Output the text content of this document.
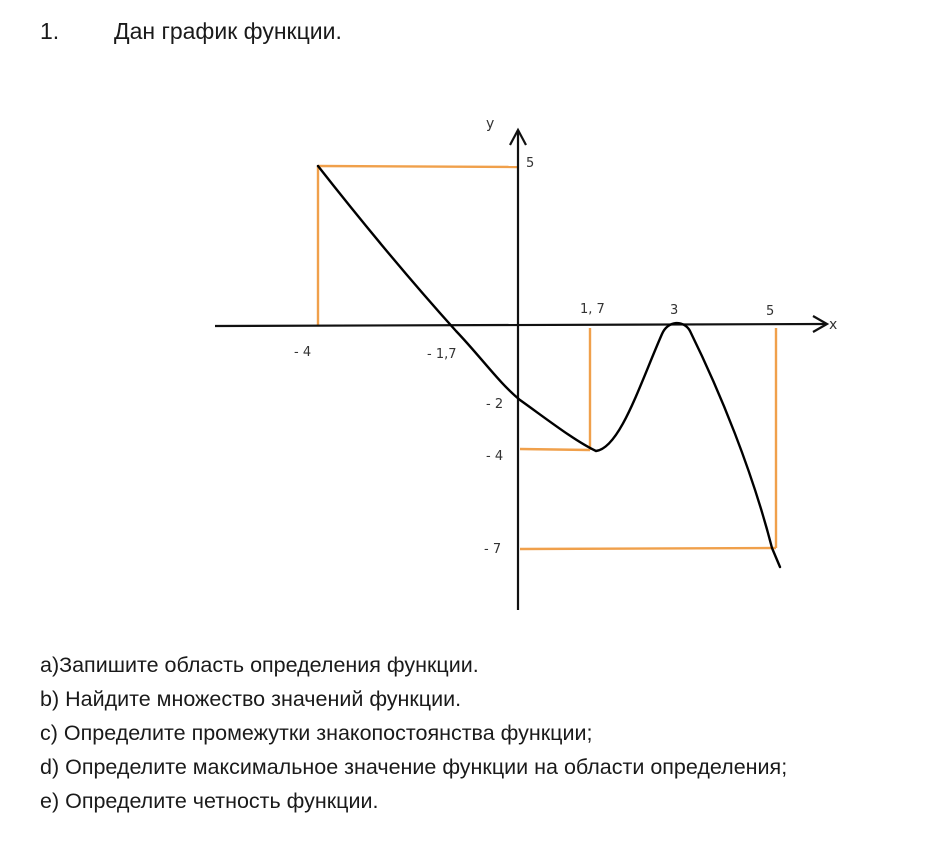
1. Дан график функции.
x
y
- 4	- 1,7
1, 7	3	5
5
- 2
- 4
- 7
a)Запишите область определения функции.
b) Найдите множество значений функции.
c) Определите промежутки знакопостоянства функции;
d) Определите максимальное значение функции на области определения;
e) Определите четность функции.
